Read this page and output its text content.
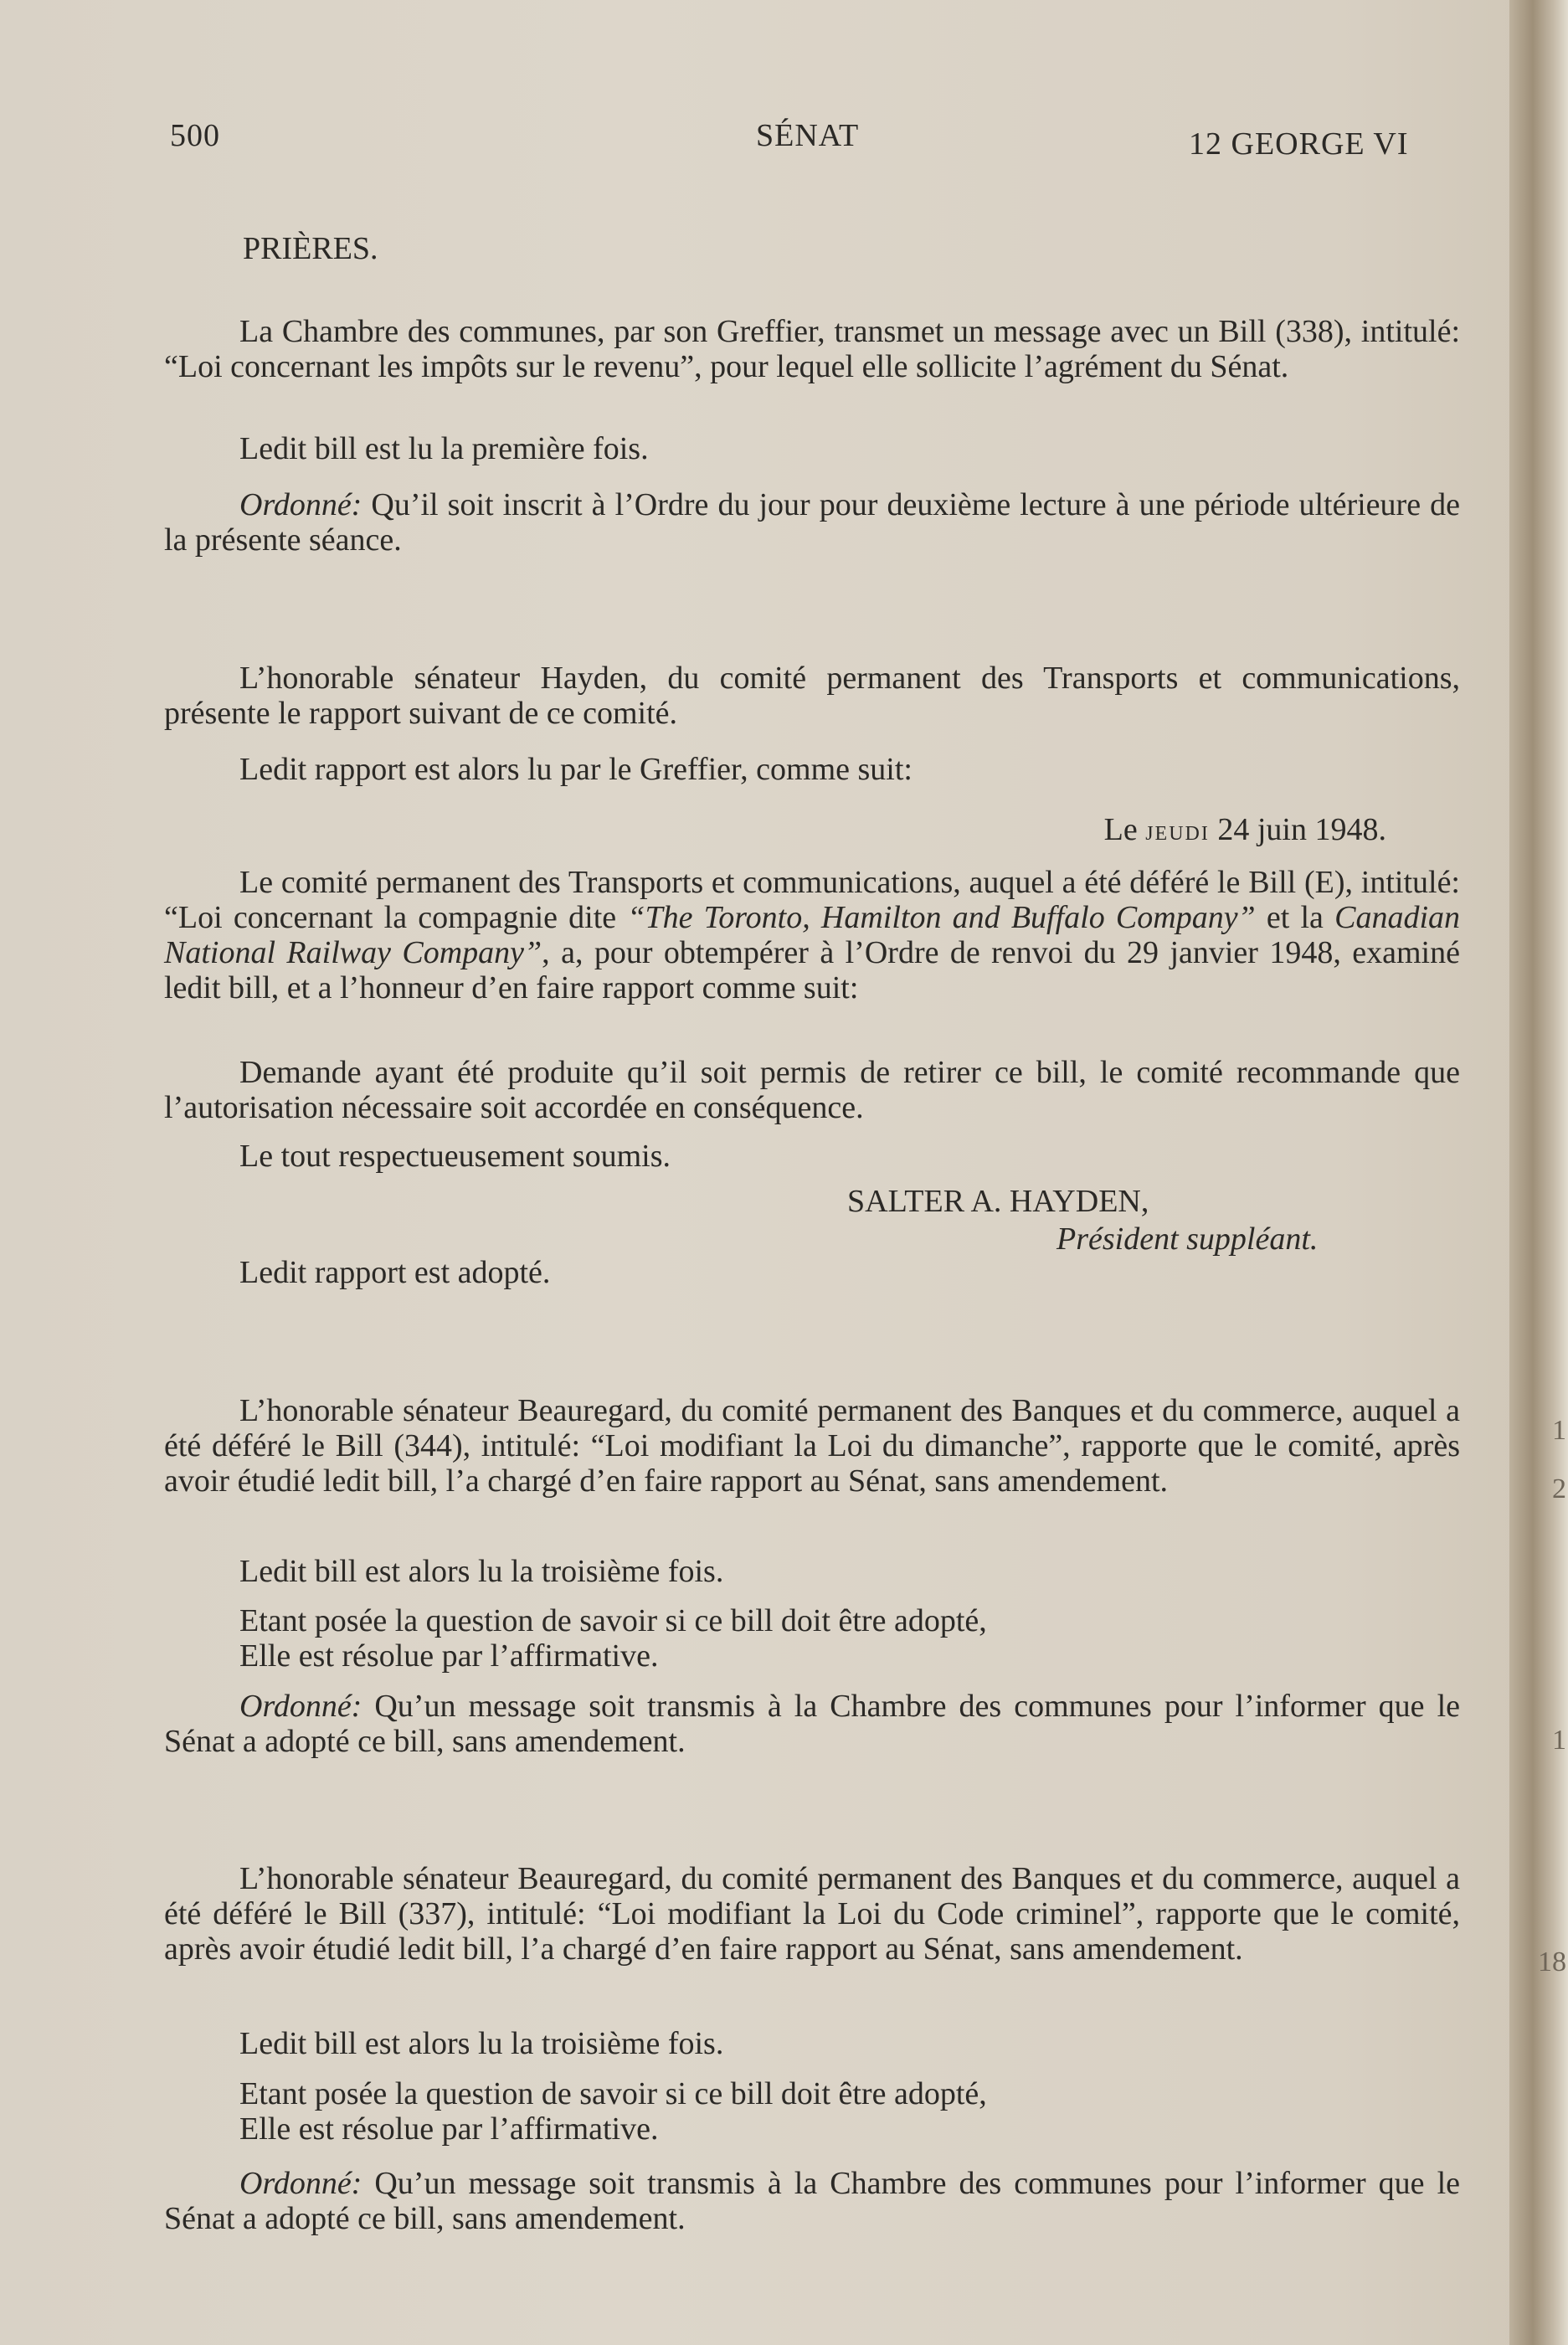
1
2
1
18
500	SÉNAT	12 GEORGE VI
PRIÈRES.

La Chambre des communes, par son Greffier, transmet un message avec un Bill (338), intitulé: “Loi concernant les impôts sur le revenu”, pour lequel elle sollicite l’agrément du Sénat.

Ledit bill est lu la première fois.

Ordonné: Qu’il soit inscrit à l’Ordre du jour pour deuxième lecture à une période ultérieure de la présente séance.

L’honorable sénateur Hayden, du comité permanent des Transports et communications, présente le rapport suivant de ce comité.

Ledit rapport est alors lu par le Greffier, comme suit:

Le jeudi 24 juin 1948.

Le comité permanent des Transports et communications, auquel a été déféré le Bill (E), intitulé: “Loi concernant la compagnie dite “The Toronto, Hamilton and Buffalo Company” et la Canadian National Railway Company”, a, pour obtempérer à l’Ordre de renvoi du 29 janvier 1948, examiné ledit bill, et a l’honneur d’en faire rapport comme suit:

Demande ayant été produite qu’il soit permis de retirer ce bill, le comité recommande que l’autorisation nécessaire soit accordée en conséquence.

Le tout respectueusement soumis.

SALTER A. HAYDEN,
Président suppléant.

Ledit rapport est adopté.

L’honorable sénateur Beauregard, du comité permanent des Banques et du commerce, auquel a été déféré le Bill (344), intitulé: “Loi modifiant la Loi du dimanche”, rapporte que le comité, après avoir étudié ledit bill, l’a chargé d’en faire rapport au Sénat, sans amendement.

Ledit bill est alors lu la troisième fois.

Etant posée la question de savoir si ce bill doit être adopté,

Elle est résolue par l’affirmative.

Ordonné: Qu’un message soit transmis à la Chambre des communes pour l’informer que le Sénat a adopté ce bill, sans amendement.

L’honorable sénateur Beauregard, du comité permanent des Banques et du commerce, auquel a été déféré le Bill (337), intitulé: “Loi modifiant la Loi du Code criminel”, rapporte que le comité, après avoir étudié ledit bill, l’a chargé d’en faire rapport au Sénat, sans amendement.

Ledit bill est alors lu la troisième fois.

Etant posée la question de savoir si ce bill doit être adopté,

Elle est résolue par l’affirmative.

Ordonné: Qu’un message soit transmis à la Chambre des communes pour l’informer que le Sénat a adopté ce bill, sans amendement.
